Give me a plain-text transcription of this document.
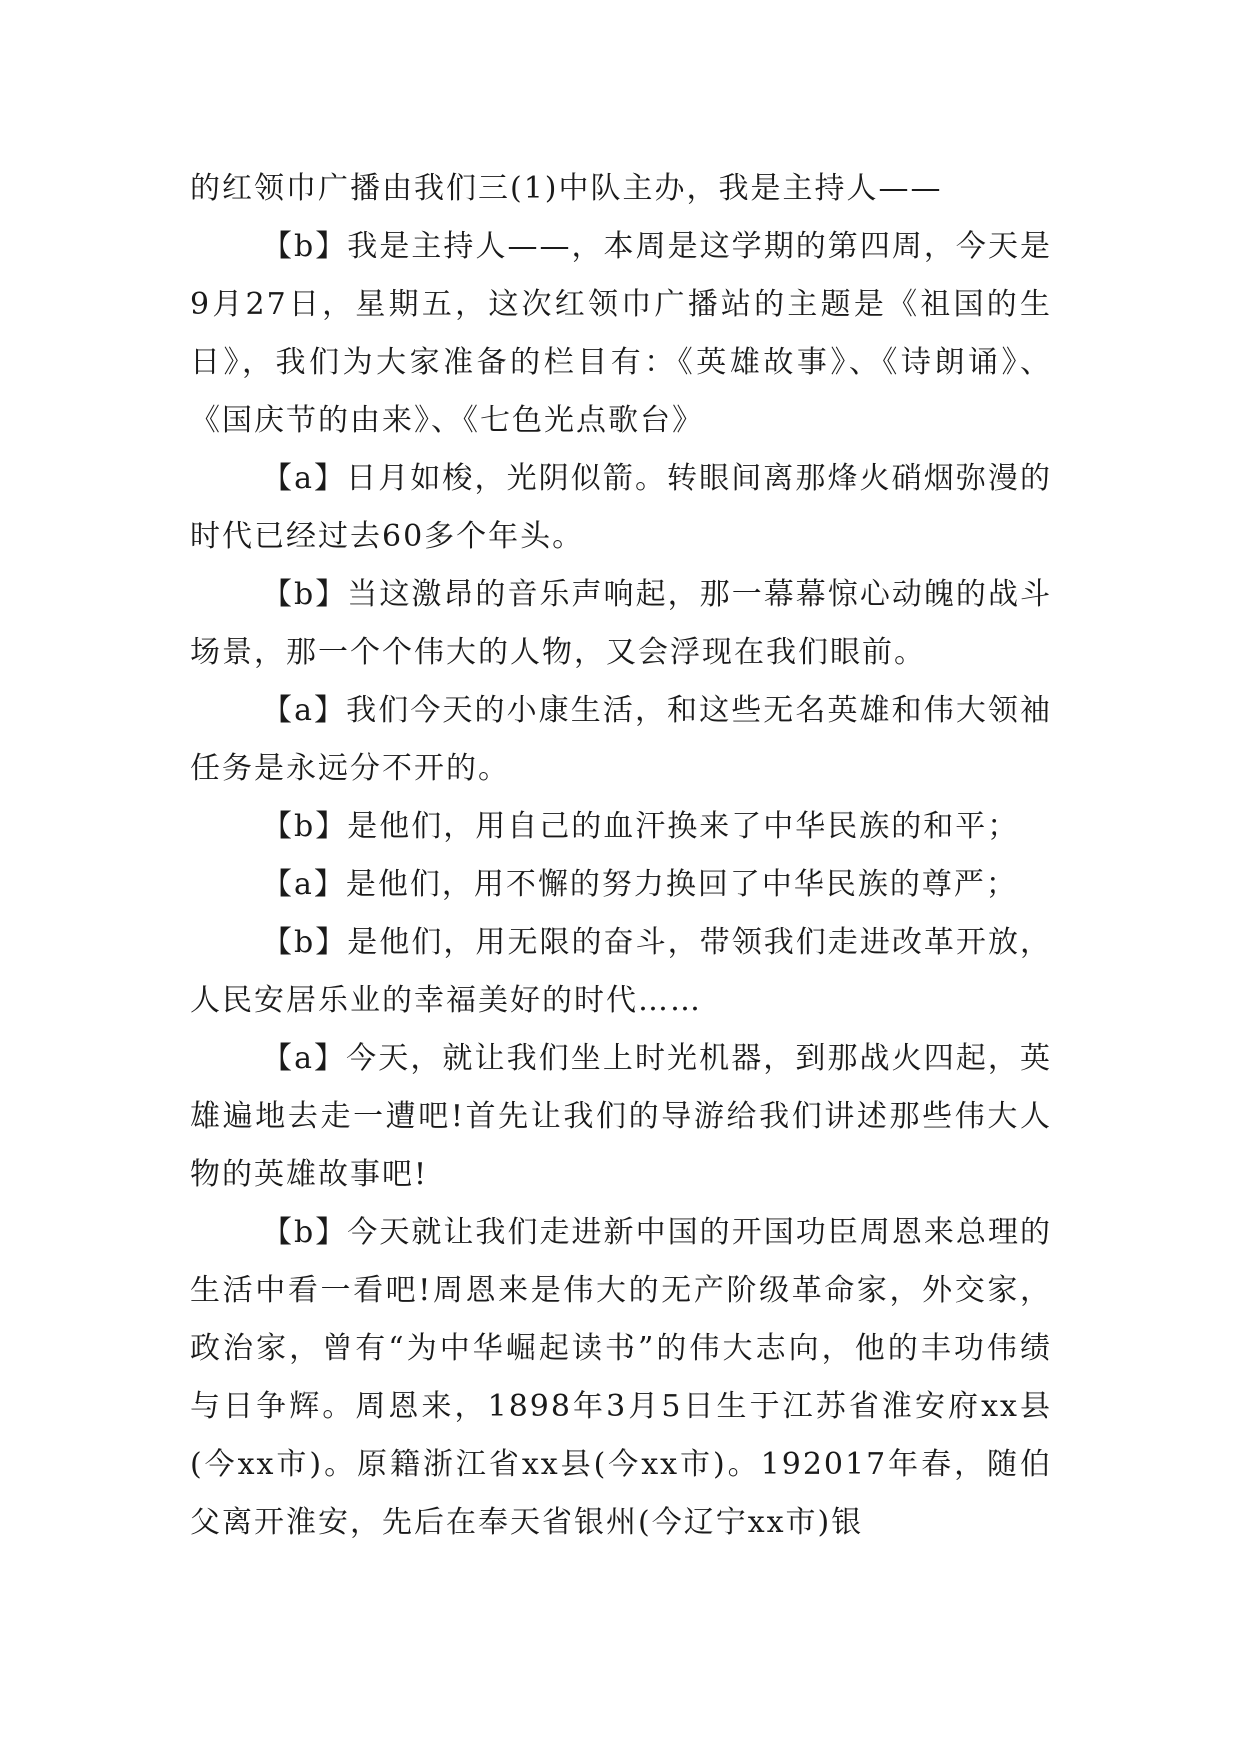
的红领巾广播由我们三(1)中队主办，我是主持人——

【b】我是主持人——，本周是这学期的第四周，今天是9月27日，星期五，这次红领巾广播站的主题是《祖国的生日》，我们为大家准备的栏目有：《英雄故事》、《诗朗诵》、《国庆节的由来》、《七色光点歌台》

【a】日月如梭，光阴似箭。转眼间离那烽火硝烟弥漫的时代已经过去60多个年头。

【b】当这激昂的音乐声响起，那一幕幕惊心动魄的战斗场景，那一个个伟大的人物，又会浮现在我们眼前。

【a】我们今天的小康生活，和这些无名英雄和伟大领袖任务是永远分不开的。

【b】是他们，用自己的血汗换来了中华民族的和平；

【a】是他们，用不懈的努力换回了中华民族的尊严；

【b】是他们，用无限的奋斗，带领我们走进改革开放，人民安居乐业的幸福美好的时代……

【a】今天，就让我们坐上时光机器，到那战火四起，英雄遍地去走一遭吧!首先让我们的导游给我们讲述那些伟大人物的英雄故事吧!

【b】今天就让我们走进新中国的开国功臣周恩来总理的生活中看一看吧!周恩来是伟大的无产阶级革命家，外交家，政治家，曾有“为中华崛起读书”的伟大志向，他的丰功伟绩与日争辉。周恩来，1898年3月5日生于江苏省淮安府xx县(今xx市)。原籍浙江省xx县(今xx市)。192017年春，随伯父离开淮安，先后在奉天省银州(今辽宁xx市)银
